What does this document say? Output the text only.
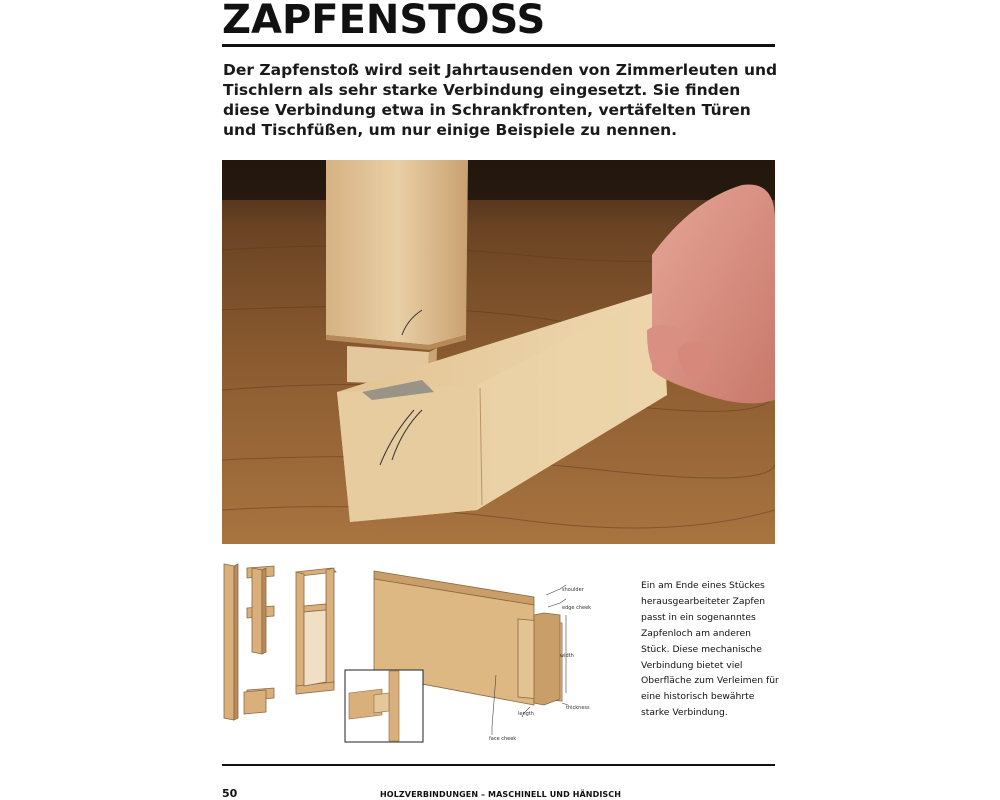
ZAPFENSTOSS

Der Zapfenstoß wird seit Jahrtausenden von Zimmerleuten und Tischlern als sehr starke Verbindung eingesetzt. Sie finden diese Verbindung etwa in Schrankfronten, vertäfelten Türen und Tischfüßen, um nur einige Beispiele zu nennen.

shoulder
edge cheek
width
length
thickness
face cheek

Ein am Ende eines Stückes herausgearbeiteter Zapfen passt in ein sogenanntes Zapfenloch am anderen Stück. Diese mechanische Verbindung bietet viel Oberfläche zum Verleimen für eine historisch bewährte starke Verbindung.

50	HOLZVERBINDUNGEN – MASCHINELL UND HÄNDISCH
